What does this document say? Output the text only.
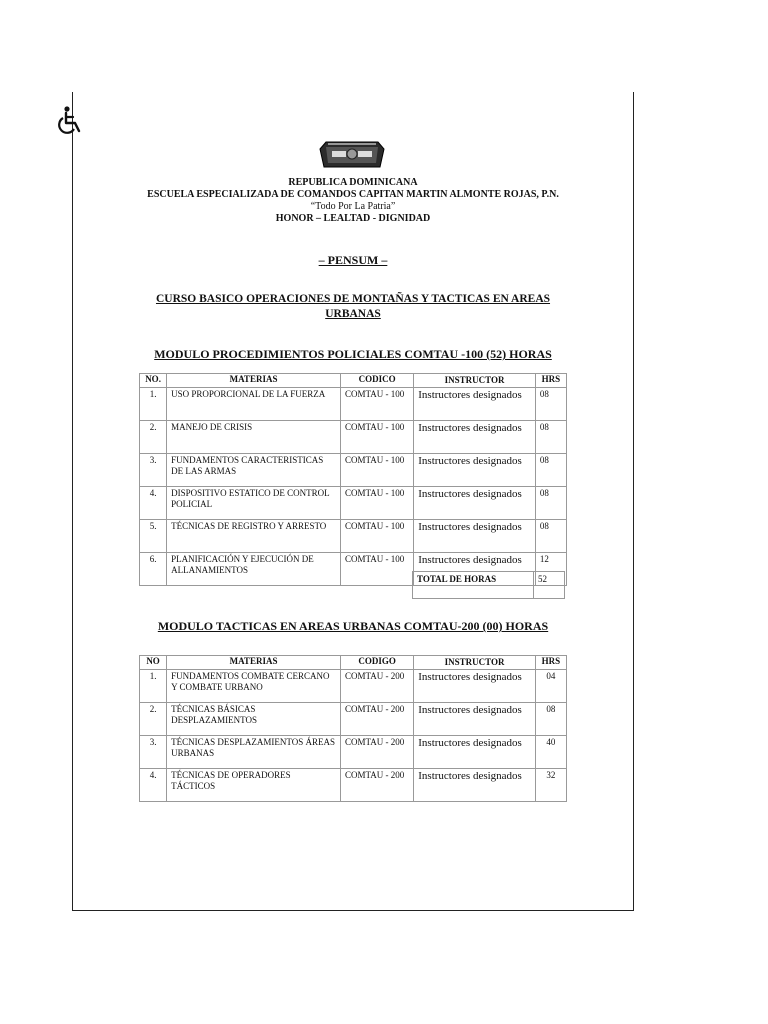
REPUBLICA DOMINICANA
ESCUELA ESPECIALIZADA DE COMANDOS CAPITAN MARTIN ALMONTE ROJAS, P.N.
“Todo Por La Patria”
HONOR – LEALTAD - DIGNIDAD
– PENSUM –
CURSO BASICO OPERACIONES DE MONTAÑAS Y TACTICAS EN AREAS URBANAS
MODULO PROCEDIMIENTOS POLICIALES COMTAU -100 (52) HORAS
NO.	MATERIAS	CODICO	INSTRUCTOR	HRS
1.	USO PROPORCIONAL DE LA FUERZA	COMTAU - 100	Instructores designados	08
2.	MANEJO DE CRISIS	COMTAU - 100	Instructores designados	08
3.	FUNDAMENTOS CARACTERISTICAS DE LAS ARMAS	COMTAU - 100	Instructores designados	08
4.	DISPOSITIVO ESTATICO DE CONTROL POLICIAL	COMTAU - 100	Instructores designados	08
5.	TÉCNICAS DE REGISTRO Y ARRESTO	COMTAU - 100	Instructores designados	08
6.	PLANIFICACIÓN Y EJECUCIÓN DE ALLANAMIENTOS	COMTAU - 100	Instructores designados	12
TOTAL DE HORAS	52
MODULO TACTICAS EN AREAS URBANAS COMTAU-200 (00) HORAS
NO	MATERIAS	CODIGO	INSTRUCTOR	HRS
1.	FUNDAMENTOS COMBATE CERCANO Y COMBATE URBANO	COMTAU - 200	Instructores designados	04
2.	TÉCNICAS BÁSICAS DESPLAZAMIENTOS	COMTAU - 200	Instructores designados	08
3.	TÉCNICAS DESPLAZAMIENTOS ÁREAS URBANAS	COMTAU - 200	Instructores designados	40
4.	TÉCNICAS DE OPERADORES TÁCTICOS	COMTAU - 200	Instructores designados	32
